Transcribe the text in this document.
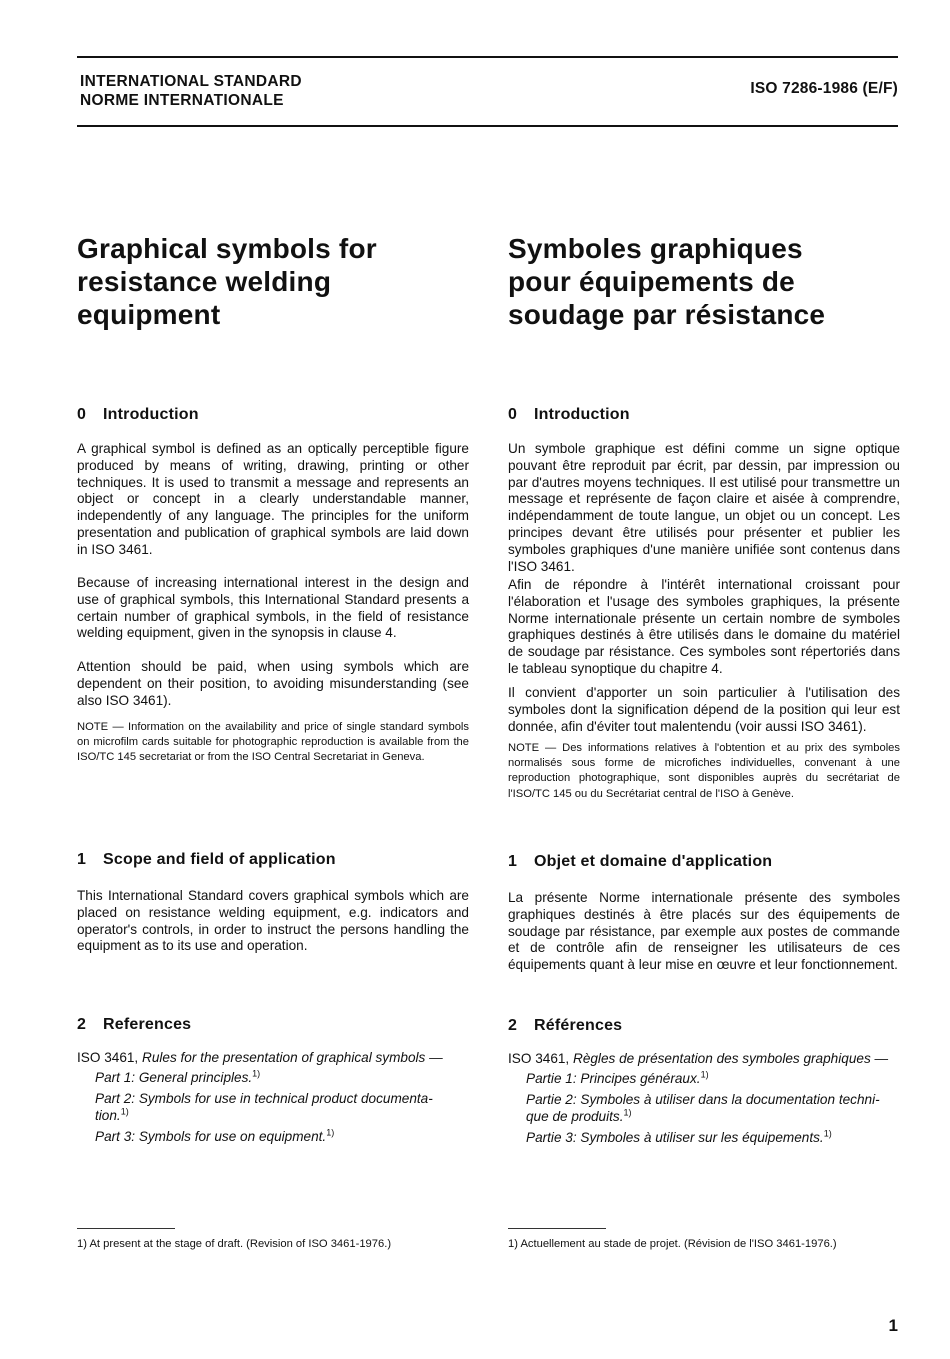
INTERNATIONAL STANDARD
NORME INTERNATIONALE
ISO 7286-1986 (E/F)
Graphical symbols for
resistance welding
equipment
0 Introduction
A graphical symbol is defined as an optically perceptible figure produced by means of writing, drawing, printing or other techniques. It is used to transmit a message and represents an object or concept in a clearly understandable manner, independently of any language. The principles for the uniform presentation and publication of graphical symbols are laid down in ISO 3461.
Because of increasing international interest in the design and use of graphical symbols, this International Standard presents a certain number of graphical symbols, in the field of resistance welding equipment, given in the synopsis in clause 4.
Attention should be paid, when using symbols which are dependent on their position, to avoiding misunderstanding (see also ISO 3461).
NOTE — Information on the availability and price of single standard symbols on microfilm cards suitable for photographic reproduction is available from the ISO/TC 145 secretariat or from the ISO Central Secretariat in Geneva.
1 Scope and field of application
This International Standard covers graphical symbols which are placed on resistance welding equipment, e.g. indicators and operator's controls, in order to instruct the persons handling the equipment as to its use and operation.
2 References
ISO 3461, Rules for the presentation of graphical symbols —
Part 1: General principles.$^{1)}$
Part 2: Symbols for use in technical product documenta-
tion.$^{1)}$
Part 3: Symbols for use on equipment.$^{1)}$
1) At present at the stage of draft. (Revision of ISO 3461-1976.)
Symboles graphiques
pour équipements de
soudage par résistance
0 Introduction
Un symbole graphique est défini comme un signe optique pouvant être reproduit par écrit, par dessin, par impression ou par d'autres moyens techniques. Il est utilisé pour transmettre un message et représente de façon claire et aisée à comprendre, indépendamment de toute langue, un objet ou un concept. Les principes devant être utilisés pour présenter et publier les symboles graphiques d'une manière unifiée sont contenus dans l'ISO 3461.
Afin de répondre à l'intérêt international croissant pour l'élaboration et l'usage des symboles graphiques, la présente Norme internationale présente un certain nombre de symboles graphiques destinés à être utilisés dans le domaine du matériel de soudage par résistance. Ces symboles sont répertoriés dans le tableau synoptique du chapitre 4.
Il convient d'apporter un soin particulier à l'utilisation des symboles dont la signification dépend de la position qui leur est donnée, afin d'éviter tout malentendu (voir aussi ISO 3461).
NOTE — Des informations relatives à l'obtention et au prix des symboles normalisés sous forme de microfiches individuelles, convenant à une reproduction photographique, sont disponibles auprès du secrétariat de l'ISO/TC 145 ou du Secrétariat central de l'ISO à Genève.
1 Objet et domaine d'application
La présente Norme internationale présente des symboles graphiques destinés à être placés sur des équipements de soudage par résistance, par exemple aux postes de commande et de contrôle afin de renseigner les utilisateurs de ces équipements quant à leur mise en œuvre et leur fonctionnement.
2 Références
ISO 3461, Règles de présentation des symboles graphiques —
Partie 1: Principes généraux.$^{1)}$
Partie 2: Symboles à utiliser dans la documentation techni-
que de produits.$^{1)}$
Partie 3: Symboles à utiliser sur les équipements.$^{1)}$
1) Actuellement au stade de projet. (Révision de l'ISO 3461-1976.)
1
